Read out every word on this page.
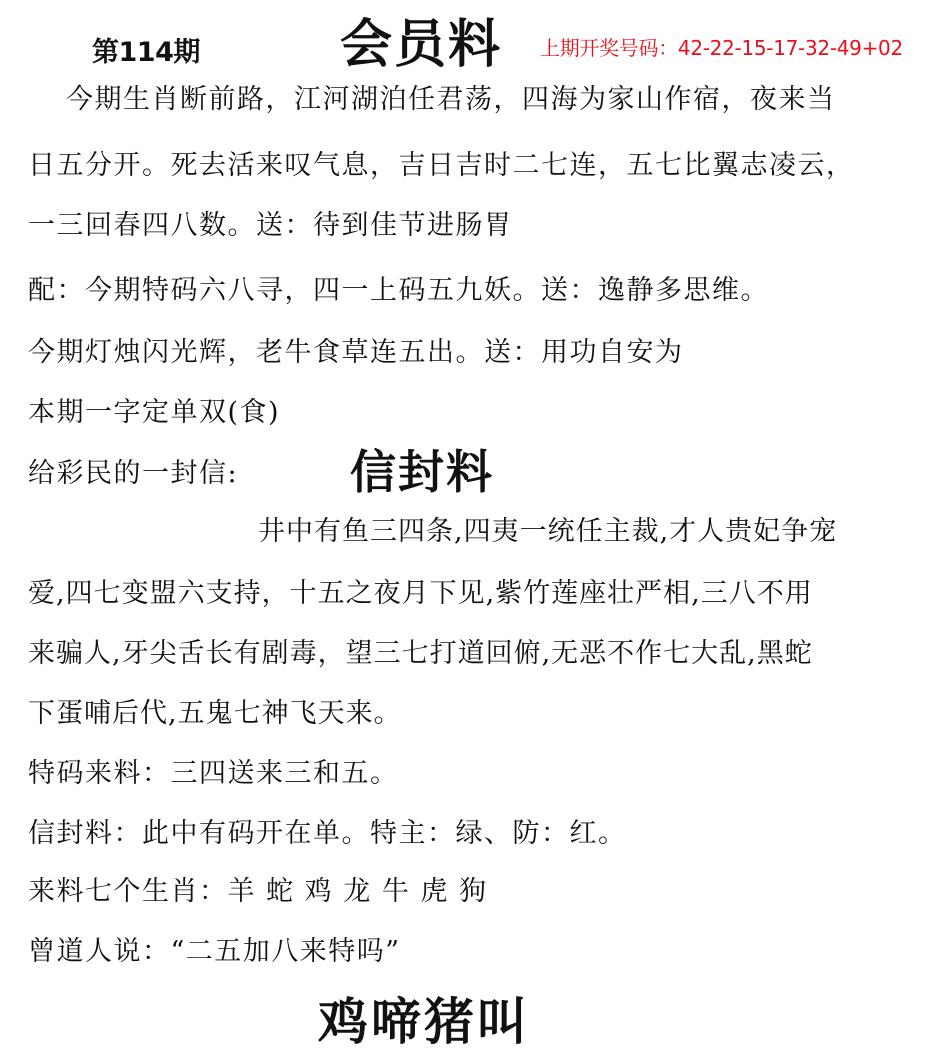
第114期	会员料 上期开奖号码：42-22-15-17-32-49+02
今期生肖断前路，江河湖泊任君荡，四海为家山作宿，夜来当
日五分开。死去活来叹气息，吉日吉时二七连，五七比翼志凌云，
一三回春四八数。送：待到佳节进肠胃
配：今期特码六八寻，四一上码五九妖。送：逸静多思维。
今期灯烛闪光辉，老牛食草连五出。送：用功自安为
本期一字定单双(食)
给彩民的一封信: 信封料
井中有鱼三四条,四夷一统任主裁,才人贵妃争宠
爱,四七变盟六支持，十五之夜月下见,紫竹莲座壮严相,三八不用
来骗人,牙尖舌长有剧毒，望三七打道回俯,无恶不作七大乱,黑蛇
下蛋哺后代,五鬼七神飞天来。
特码来料：三四送来三和五。
信封料：此中有码开在单。特主：绿、防：红。
来料七个生肖：羊 蛇 鸡 龙 牛 虎 狗
曾道人说：“二五加八来特吗”
鸡啼猪叫
